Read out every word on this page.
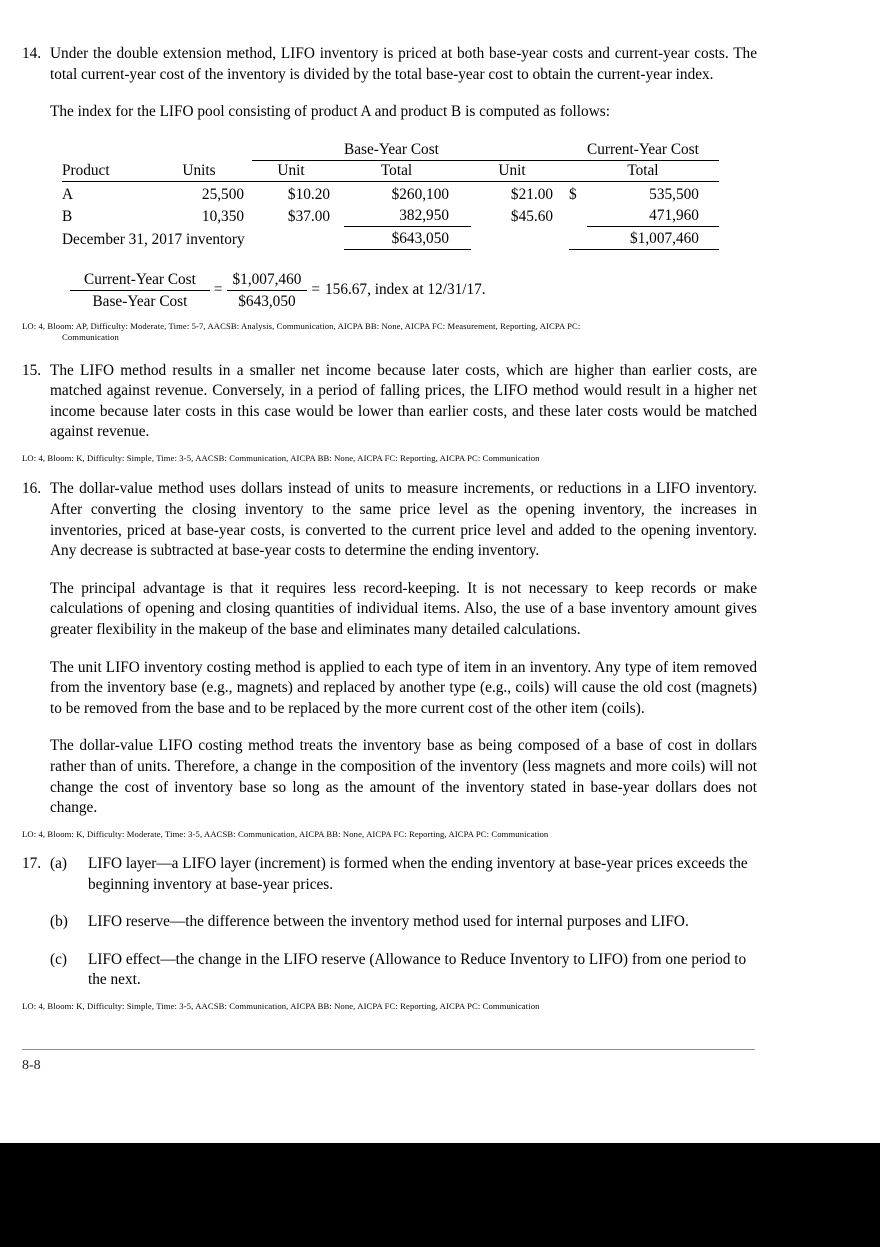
14. Under the double extension method, LIFO inventory is priced at both base-year costs and current-year costs. The total current-year cost of the inventory is divided by the total base-year cost to obtain the current-year index.

The index for the LIFO pool consisting of product A and product B is computed as follows:

			Base-Year Cost			Current-Year Cost
Product	Units	Unit	Total	Unit		Total
A	25,500	$10.20	$260,100	$21.00	$	535,500
B	10,350	$37.00	382,950	$45.60		471,960
December 31, 2017 inventory			$643,050			$1,007,460
$\frac{\text{Current-Year Cost}}{\text{Base-Year Cost}} = \frac{\$1,007,460}{\$643,050} = 156.67$, index at 12/31/17.

LO: 4, Bloom: AP, Difficulty: Moderate, Time: 5-7, AACSB: Analysis, Communication, AICPA BB: None, AICPA FC: Measurement, Reporting, AICPA PC:

Communication

15. The LIFO method results in a smaller net income because later costs, which are higher than earlier costs, are matched against revenue. Conversely, in a period of falling prices, the LIFO method would result in a higher net income because later costs in this case would be lower than earlier costs, and these later costs would be matched against revenue.

LO: 4, Bloom: K, Difficulty: Simple, Time: 3-5, AACSB: Communication, AICPA BB: None, AICPA FC: Reporting, AICPA PC: Communication

16. The dollar-value method uses dollars instead of units to measure increments, or reductions in a LIFO inventory. After converting the closing inventory to the same price level as the opening inventory, the increases in inventories, priced at base-year costs, is converted to the current price level and added to the opening inventory. Any decrease is subtracted at base-year costs to determine the ending inventory.

The principal advantage is that it requires less record-keeping. It is not necessary to keep records or make calculations of opening and closing quantities of individual items. Also, the use of a base inventory amount gives greater flexibility in the makeup of the base and eliminates many detailed calculations.

The unit LIFO inventory costing method is applied to each type of item in an inventory. Any type of item removed from the inventory base (e.g., magnets) and replaced by another type (e.g., coils) will cause the old cost (magnets) to be removed from the base and to be replaced by the more current cost of the other item (coils).

The dollar-value LIFO costing method treats the inventory base as being composed of a base of cost in dollars rather than of units. Therefore, a change in the composition of the inventory (less magnets and more coils) will not change the cost of inventory base so long as the amount of the inventory stated in base-year dollars does not change.

LO: 4, Bloom: K, Difficulty: Moderate, Time: 3-5, AACSB: Communication, AICPA BB: None, AICPA FC: Reporting, AICPA PC: Communication

17. (a)	LIFO layer—a LIFO layer (increment) is formed when the ending inventory at base-year prices exceeds the beginning inventory at base-year prices.
(b)	LIFO reserve—the difference between the inventory method used for internal purposes and LIFO.
(c)	LIFO effect—the change in the LIFO reserve (Allowance to Reduce Inventory to LIFO) from one period to the next.

LO: 4, Bloom: K, Difficulty: Simple, Time: 3-5, AACSB: Communication, AICPA BB: None, AICPA FC: Reporting, AICPA PC: Communication

8-8
